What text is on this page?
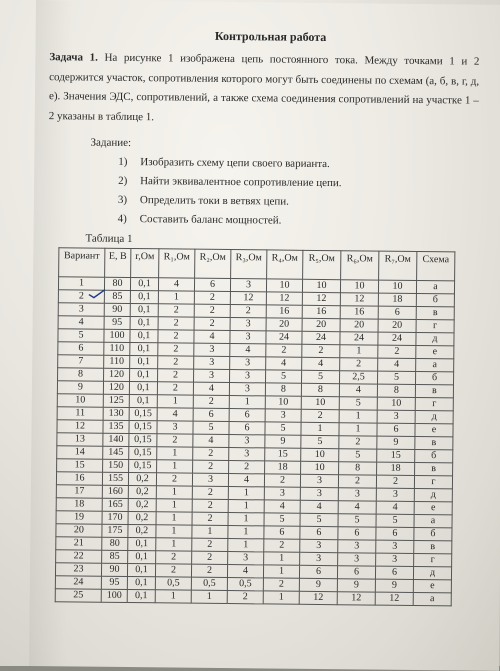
Контрольная работа
Задача 1. На рисунке 1 изображена цепь постоянного тока. Между точками 1 и 2 содержится участок, сопротивления которого могут быть соединены по схемам (а, б, в, г, д, е). Значения ЭДС, сопротивлений, а также схема соединения сопротивлений на участке 1 – 2 указаны в таблице 1.
Задание:
1) Изобразить схему цепи своего варианта.
2) Найти эквивалентное сопротивление цепи.
3) Определить токи в ветвях цепи.
4) Составить баланс мощностей.
Таблица 1
Вариант	E, В	r,Ом	R₁,Ом	R₂,Ом	R₃,Ом	R₄,Ом	R₅,Ом	R₆,Ом	R₇,Ом	Схема
1	80	0,1	4	6	3	10	10	10	10	а
2	85	0,1	1	2	12	12	12	12	18	б
3	90	0,1	2	2	2	16	16	16	6	в
4	95	0,1	2	2	3	20	20	20	20	г
5	100	0,1	2	4	3	24	24	24	24	д
6	110	0,1	2	3	4	2	2	1	2	е
7	110	0,1	2	3	3	4	4	2	4	а
8	120	0,1	2	3	3	5	5	2,5	5	б
9	120	0,1	2	4	3	8	8	4	8	в
10	125	0,1	1	2	1	10	10	5	10	г
11	130	0,15	4	6	6	3	2	1	3	д
12	135	0,15	3	5	6	5	1	1	6	е
13	140	0,15	2	4	3	9	5	2	9	в
14	145	0,15	1	2	3	15	10	5	15	б
15	150	0,15	1	2	2	18	10	8	18	в
16	155	0,2	2	3	4	2	3	2	2	г
17	160	0,2	1	2	1	3	3	3	3	д
18	165	0,2	1	2	1	4	4	4	4	е
19	170	0,2	1	2	1	5	5	5	5	а
20	175	0,2	1	1	1	6	6	6	6	б
21	80	0,1	1	2	1	2	3	3	3	в
22	85	0,1	2	2	3	1	3	3	3	г
23	90	0,1	2	2	4	1	6	6	6	д
24	95	0,1	0,5	0,5	0,5	2	9	9	9	е
25	100	0,1	1	1	2	1	12	12	12	а
